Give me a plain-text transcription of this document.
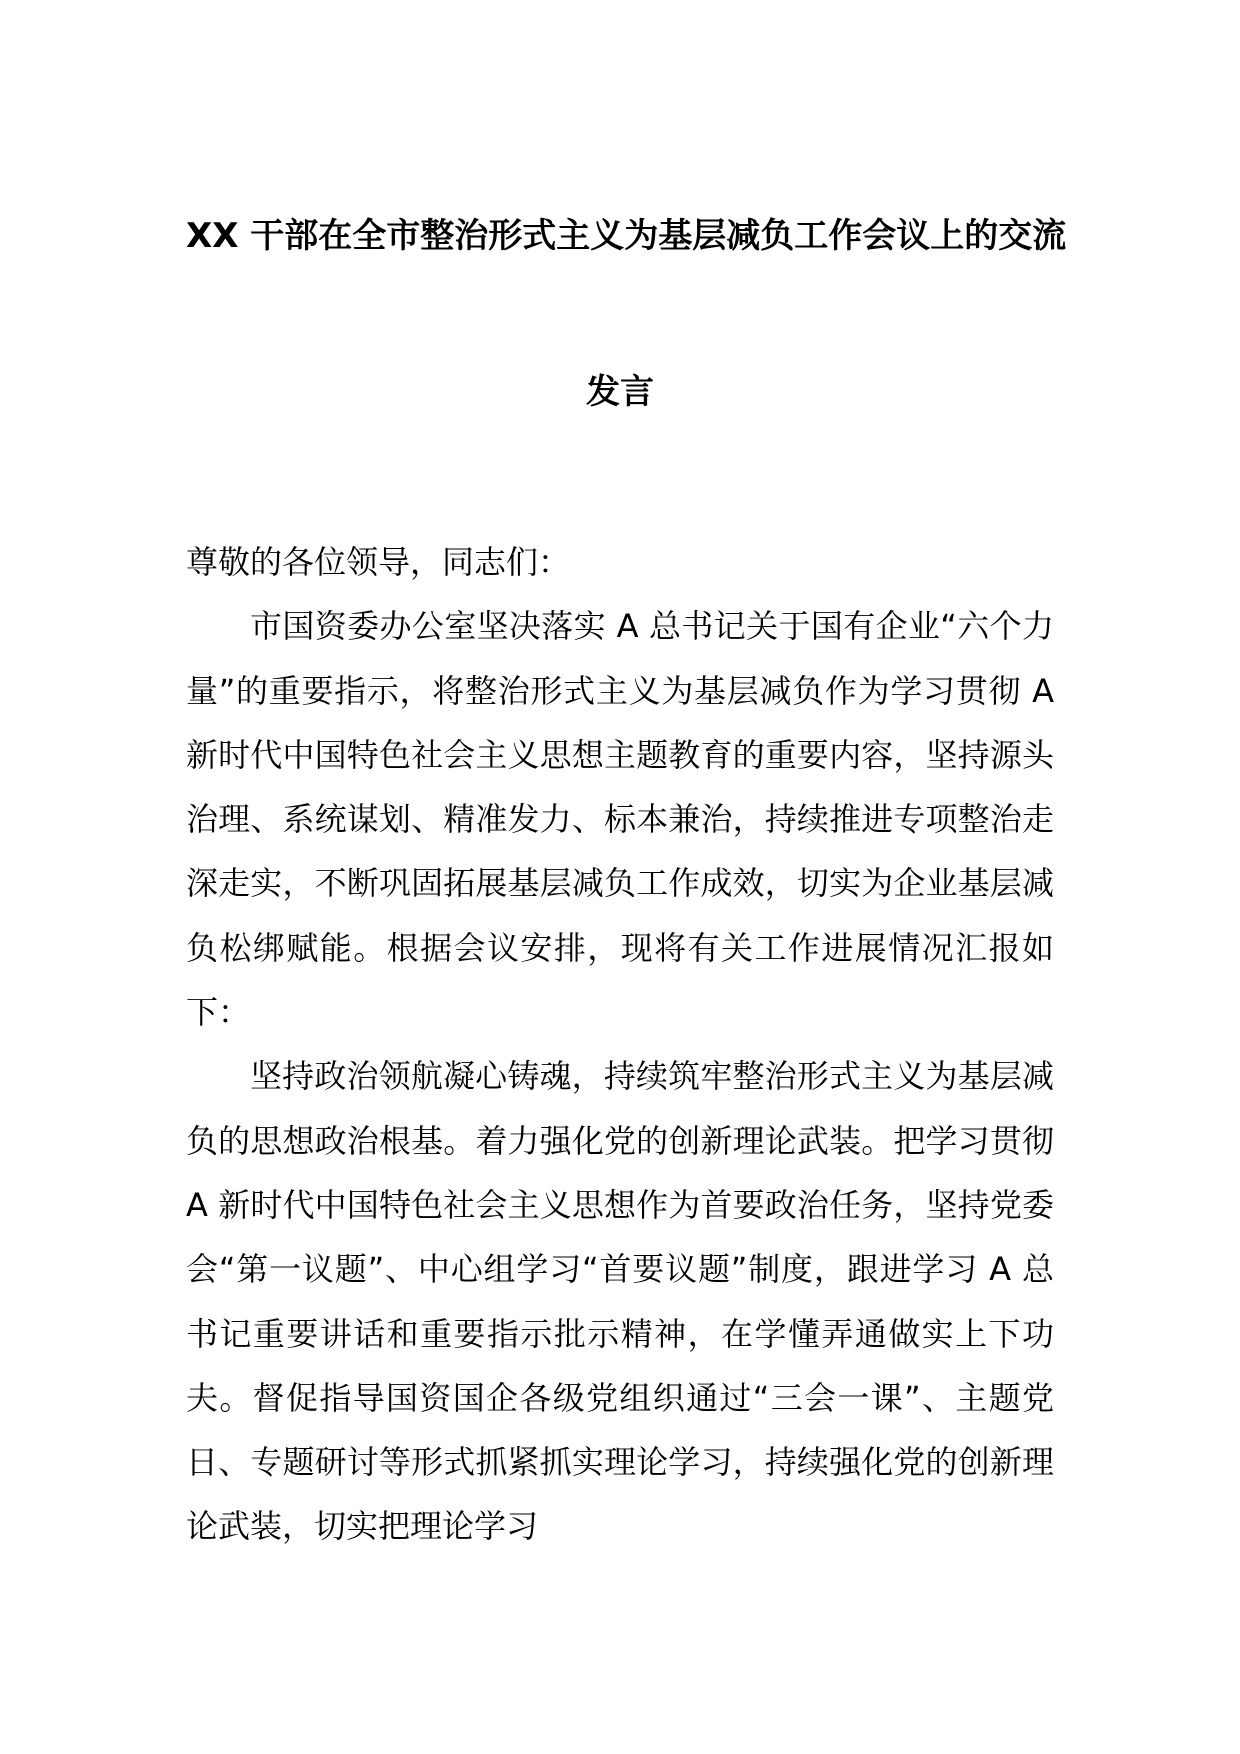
XX 干部在全市整治形式主义为基层减负工作会议上的交流
发言

尊敬的各位领导，同志们：

市国资委办公室坚决落实 A 总书记关于国有企业“六个力量”的重要指示，将整治形式主义为基层减负作为学习贯彻 A 新时代中国特色社会主义思想主题教育的重要内容，坚持源头治理、系统谋划、精准发力、标本兼治，持续推进专项整治走深走实，不断巩固拓展基层减负工作成效，切实为企业基层减负松绑赋能。根据会议安排，现将有关工作进展情况汇报如下：

坚持政治领航凝心铸魂，持续筑牢整治形式主义为基层减负的思想政治根基。着力强化党的创新理论武装。把学习贯彻 A 新时代中国特色社会主义思想作为首要政治任务，坚持党委会“第一议题”、中心组学习“首要议题”制度，跟进学习 A 总书记重要讲话和重要指示批示精神，在学懂弄通做实上下功夫。督促指导国资国企各级党组织通过“三会一课”、主题党日、专题研讨等形式抓紧抓实理论学习，持续强化党的创新理论武装，切实把理论学习
